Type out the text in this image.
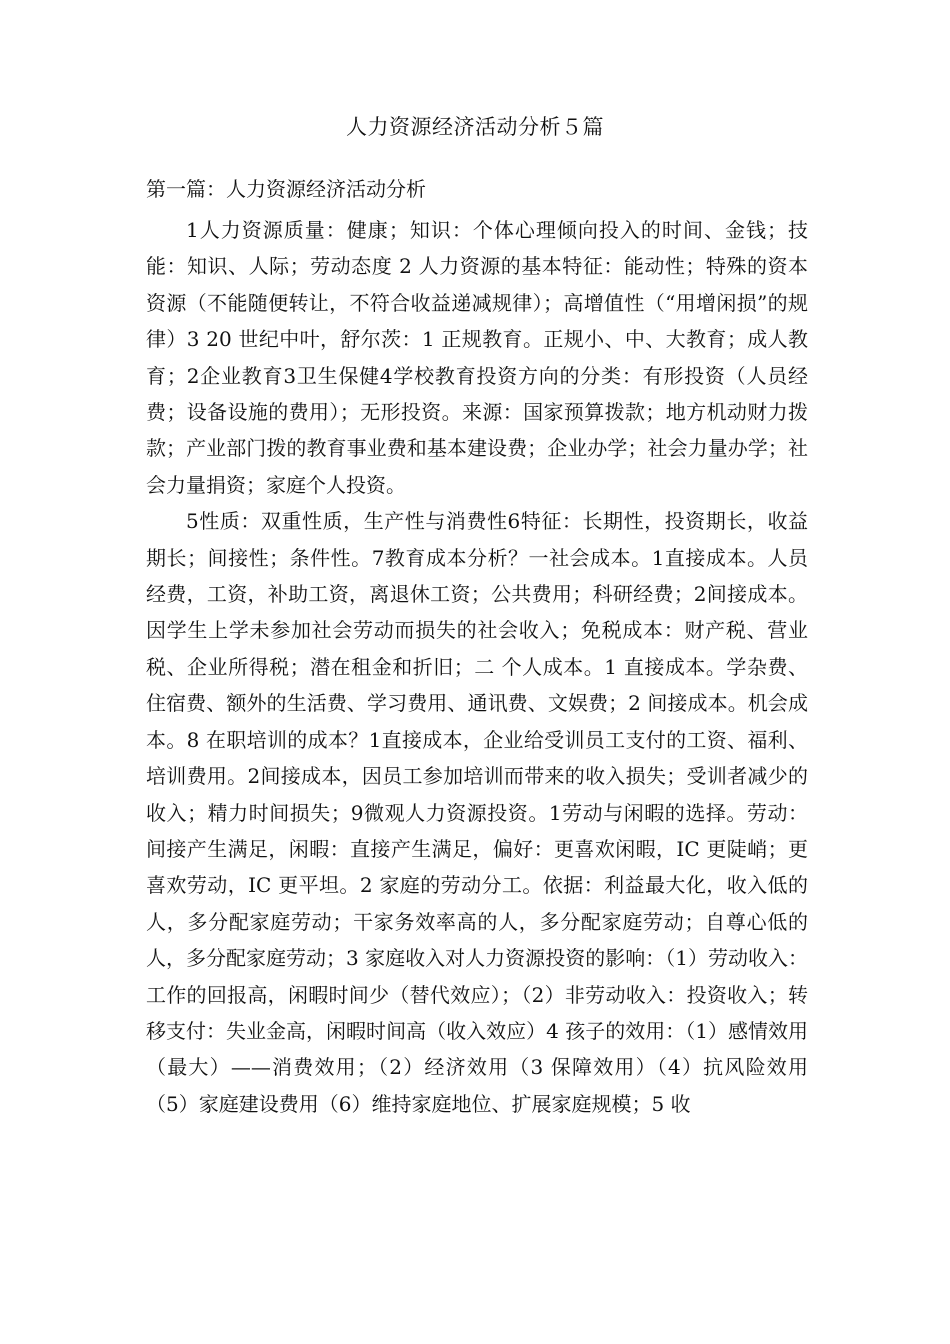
人力资源经济活动分析５篇
第一篇：人力资源经济活动分析

1人力资源质量：健康；知识：个体心理倾向投入的时间、金钱；技能：知识、人际；劳动态度 2 人力资源的基本特征：能动性；特殊的资本资源（不能随便转让，不符合收益递减规律）；高增值性（“用增闲损”的规律）3 20 世纪中叶，舒尔茨：1 正规教育。正规小、中、大教育；成人教育；2企业教育3卫生保健4学校教育投资方向的分类：有形投资（人员经费；设备设施的费用）；无形投资。来源：国家预算拨款；地方机动财力拨款；产业部门拨的教育事业费和基本建设费；企业办学；社会力量办学；社会力量捐资；家庭个人投资。

5性质：双重性质，生产性与消费性6特征：长期性，投资期长，收益期长；间接性；条件性。7教育成本分析？一社会成本。1直接成本。人员经费，工资，补助工资，离退休工资；公共费用；科研经费；2间接成本。因学生上学未参加社会劳动而损失的社会收入；免税成本：财产税、营业税、企业所得税；潜在租金和折旧；二 个人成本。1 直接成本。学杂费、住宿费、额外的生活费、学习费用、通讯费、文娱费；2 间接成本。机会成本。8 在职培训的成本？1直接成本，企业给受训员工支付的工资、福利、培训费用。2间接成本，因员工参加培训而带来的收入损失；受训者减少的收入；精力时间损失；9微观人力资源投资。1劳动与闲暇的选择。劳动：间接产生满足，闲暇：直接产生满足，偏好：更喜欢闲暇，IC 更陡峭；更喜欢劳动，IC 更平坦。2 家庭的劳动分工。依据：利益最大化，收入低的人，多分配家庭劳动；干家务效率高的人，多分配家庭劳动；自尊心低的人，多分配家庭劳动；3 家庭收入对人力资源投资的影响：（1）劳动收入：工作的回报高，闲暇时间少（替代效应）；（2）非劳动收入：投资收入；转移支付：失业金高，闲暇时间高（收入效应）4 孩子的效用：（1）感情效用（最大）——消费效用；（2）经济效用（3 保障效用）（4）抗风险效用（5）家庭建设费用（6）维持家庭地位、扩展家庭规模；5 收
